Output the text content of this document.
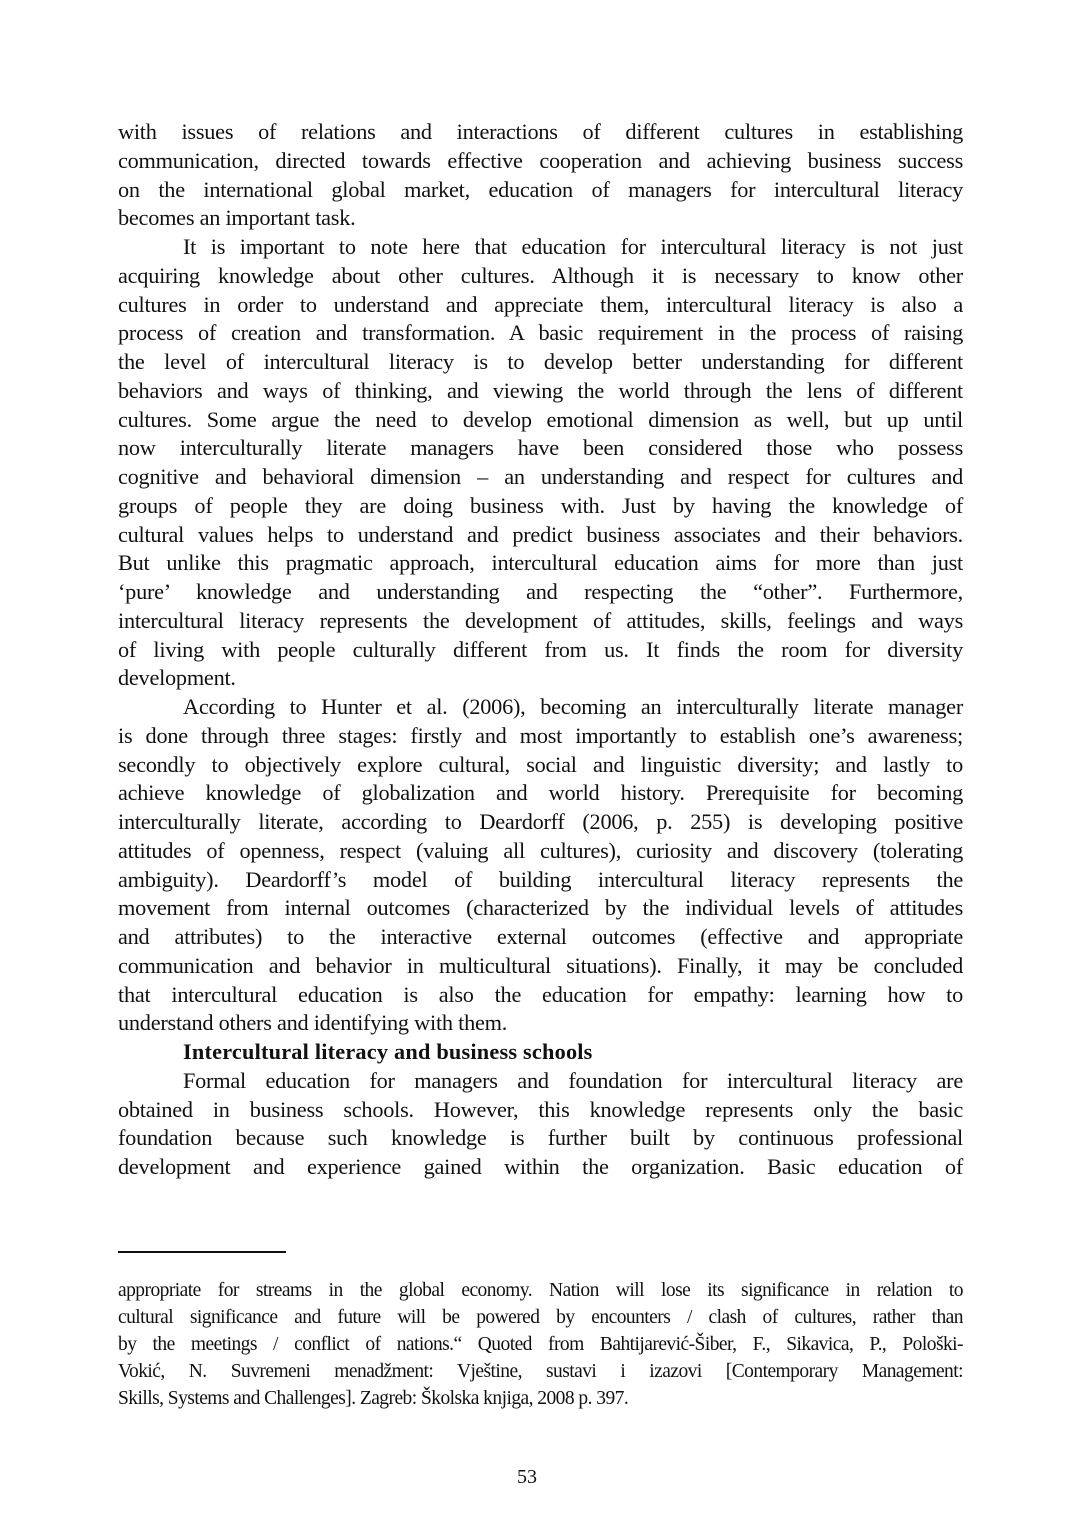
with issues of relations and interactions of different cultures in establishing
communication, directed towards effective cooperation and achieving business success
on the international global market, education of managers for intercultural literacy
becomes an important task.
It is important to note here that education for intercultural literacy is not just
acquiring knowledge about other cultures. Although it is necessary to know other
cultures in order to understand and appreciate them, intercultural literacy is also a
process of creation and transformation. A basic requirement in the process of raising
the level of intercultural literacy is to develop better understanding for different
behaviors and ways of thinking, and viewing the world through the lens of different
cultures. Some argue the need to develop emotional dimension as well, but up until
now interculturally literate managers have been considered those who possess
cognitive and behavioral dimension – an understanding and respect for cultures and
groups of people they are doing business with. Just by having the knowledge of
cultural values helps to understand and predict business associates and their behaviors.
But unlike this pragmatic approach, intercultural education aims for more than just
‘pure’ knowledge and understanding and respecting the “other”. Furthermore,
intercultural literacy represents the development of attitudes, skills, feelings and ways
of living with people culturally different from us. It finds the room for diversity
development.
According to Hunter et al. (2006), becoming an interculturally literate manager
is done through three stages: firstly and most importantly to establish one’s awareness;
secondly to objectively explore cultural, social and linguistic diversity; and lastly to
achieve knowledge of globalization and world history. Prerequisite for becoming
interculturally literate, according to Deardorff (2006, p. 255) is developing positive
attitudes of openness, respect (valuing all cultures), curiosity and discovery (tolerating
ambiguity). Deardorff’s model of building intercultural literacy represents the
movement from internal outcomes (characterized by the individual levels of attitudes
and attributes) to the interactive external outcomes (effective and appropriate
communication and behavior in multicultural situations). Finally, it may be concluded
that intercultural education is also the education for empathy: learning how to
understand others and identifying with them.
Intercultural literacy and business schools
Formal education for managers and foundation for intercultural literacy are
obtained in business schools. However, this knowledge represents only the basic
foundation because such knowledge is further built by continuous professional
development and experience gained within the organization. Basic education of
appropriate for streams in the global economy. Nation will lose its significance in relation to
cultural significance and future will be powered by encounters / clash of cultures, rather than
by the meetings / conflict of nations.“ Quoted from Bahtijarević-Šiber, F., Sikavica, P., Pološki-
Vokić, N. Suvremeni menadžment: Vještine, sustavi i izazovi [Contemporary Management:
Skills, Systems and Challenges]. Zagreb: Školska knjiga, 2008 p. 397.
53
